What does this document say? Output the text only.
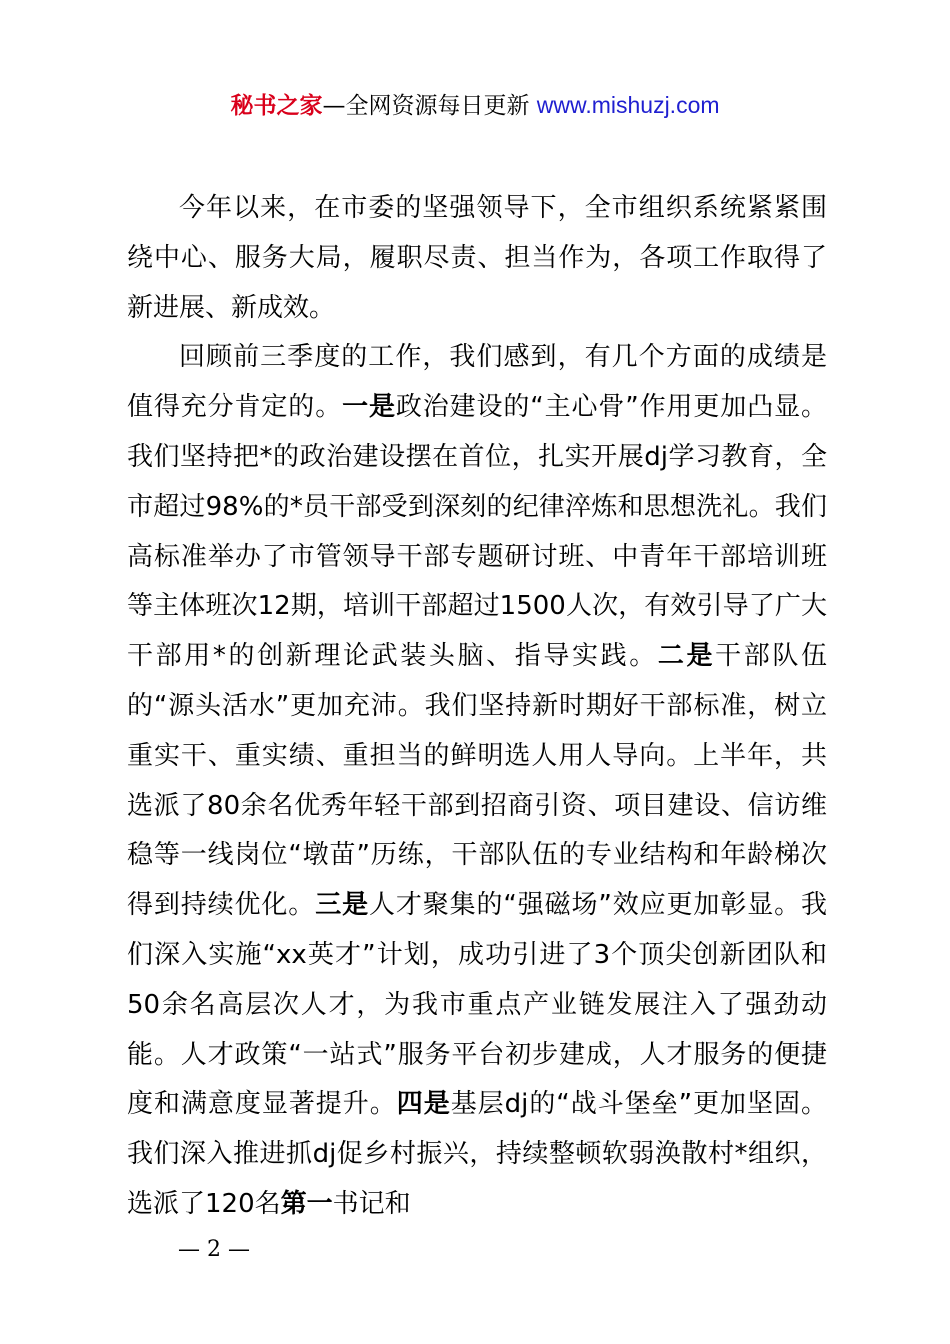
秘书之家—全网资源每日更新 www.mishuzj.com

今年以来，在市委的坚强领导下，全市组织系统紧紧围绕中心、服务大局，履职尽责、担当作为，各项工作取得了新进展、新成效。

回顾前三季度的工作，我们感到，有几个方面的成绩是值得充分肯定的。一是政治建设的“主心骨”作用更加凸显。我们坚持把*的政治建设摆在首位，扎实开展dj学习教育，全市超过98%的*员干部受到深刻的纪律淬炼和思想洗礼。我们高标准举办了市管领导干部专题研讨班、中青年干部培训班等主体班次12期，培训干部超过1500人次，有效引导了广大干部用*的创新理论武装头脑、指导实践。二是干部队伍的“源头活水”更加充沛。我们坚持新时期好干部标准，树立重实干、重实绩、重担当的鲜明选人用人导向。上半年，共选派了80余名优秀年轻干部到招商引资、项目建设、信访维稳等一线岗位“墩苗”历练，干部队伍的专业结构和年龄梯次得到持续优化。三是人才聚集的“强磁场”效应更加彰显。我们深入实施“xx英才”计划，成功引进了3个顶尖创新团队和50余名高层次人才，为我市重点产业链发展注入了强劲动能。人才政策“一站式”服务平台初步建成，人才服务的便捷度和满意度显著提升。四是基层dj的“战斗堡垒”更加坚固。我们深入推进抓dj促乡村振兴，持续整顿软弱涣散村*组织，选派了120名第一书记和

— 2 —
